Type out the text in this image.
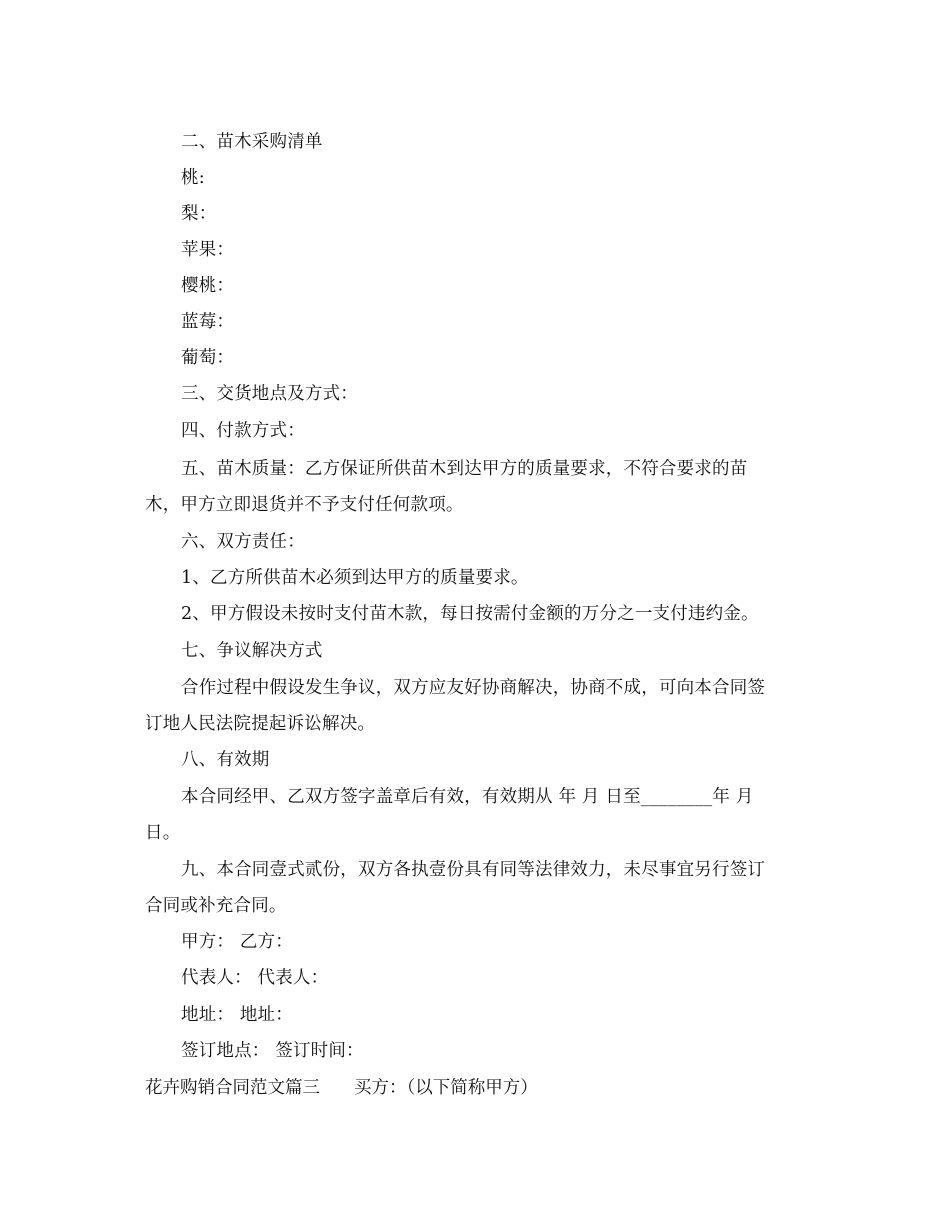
二、苗木采购清单
桃:
梨：
苹果：
樱桃：
蓝莓：
葡萄：
三、交货地点及方式：
四、付款方式：
五、苗木质量：乙方保证所供苗木到达甲方的质量要求，不符合要求的苗
木，甲方立即退货并不予支付任何款项。
六、双方责任：
1、乙方所供苗木必须到达甲方的质量要求。
2、甲方假设未按时支付苗木款，每日按需付金额的万分之一支付违约金。
七、争议解决方式
合作过程中假设发生争议，双方应友好协商解决，协商不成，可向本合同签
订地人民法院提起诉讼解决。
八、有效期
本合同经甲、乙双方签字盖章后有效，有效期从 年 月 日至________年 月
日。
九、本合同壹式贰份，双方各执壹份具有同等法律效力，未尽事宜另行签订
合同或补充合同。
甲方： 乙方：
代表人： 代表人：
地址： 地址：
签订地点： 签订时间：
花卉购销合同范文篇三 买方：（以下简称甲方）
